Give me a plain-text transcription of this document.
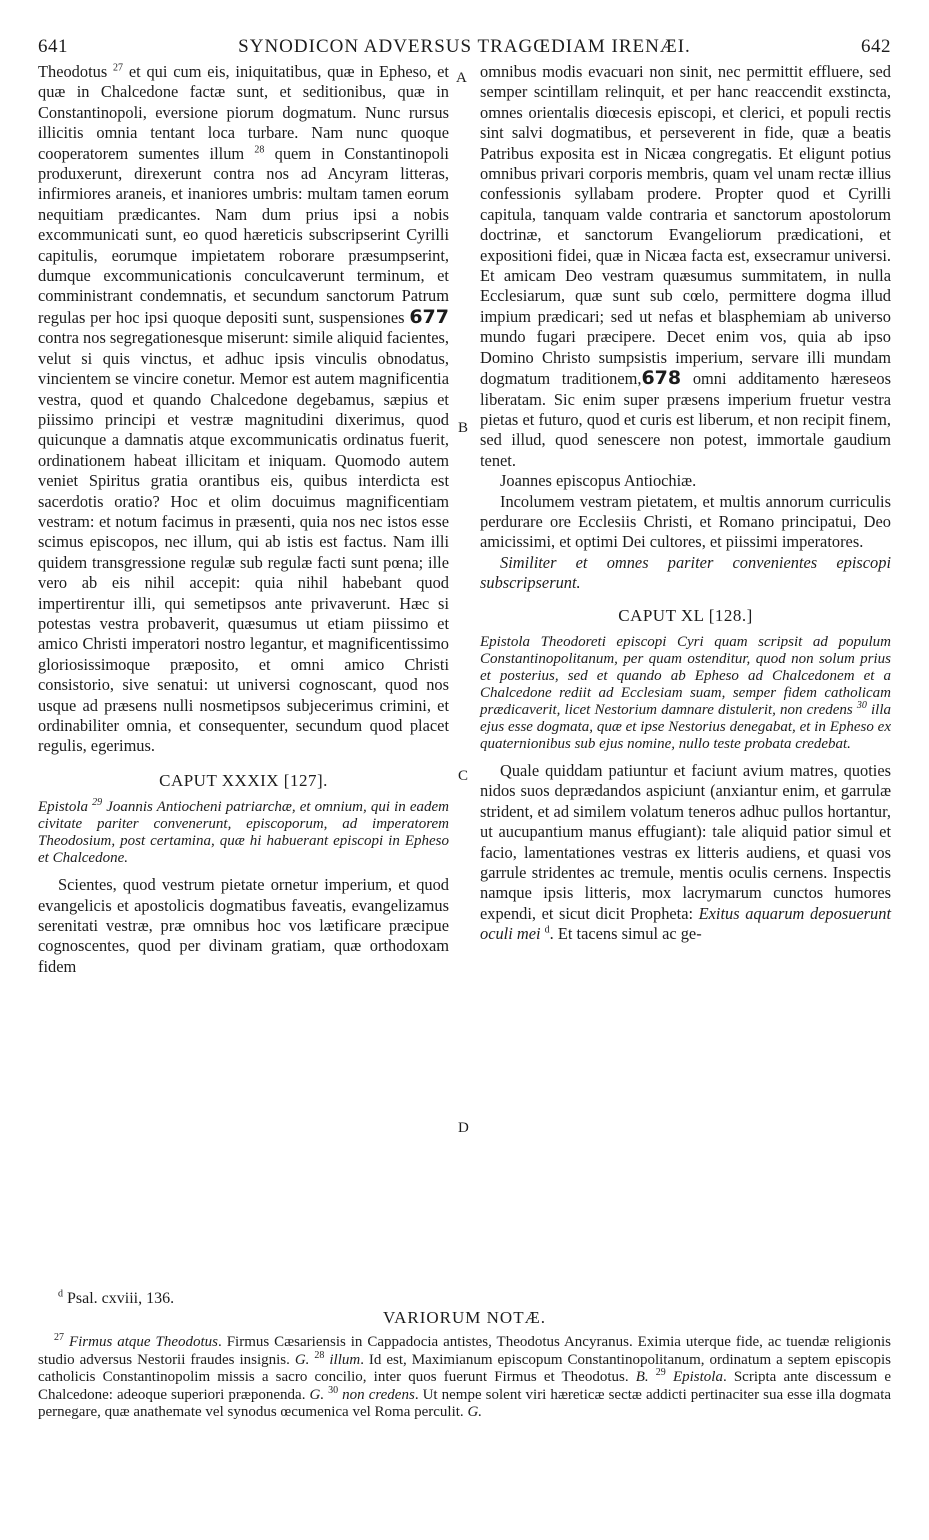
641	SYNODICON ADVERSUS TRAGŒDIAM IRENÆI.	642
A
B
C
D

Theodotus $^{27}$ et qui cum eis, iniquitatibus, quæ in Epheso, et quæ in Chalcedone factæ sunt, et seditionibus, quæ in Constantinopoli, eversione piorum dogmatum. Nunc rursus illicitis omnia tentant loca turbare. Nam nunc quoque cooperatorem sumentes illum $^{28}$ quem in Constantinopoli produxerunt, direxerunt contra nos ad Ancyram litteras, infirmiores araneis, et inaniores umbris: multam tamen eorum nequitiam prædicantes. Nam dum prius ipsi a nobis excommunicati sunt, eo quod hæreticis subscripserint Cyrilli capitulis, eorumque impietatem roborare præsumpserint, dumque excommunicationis conculcaverunt terminum, et comministrant condemnatis, et secundum sanctorum Patrum regulas per hoc ipsi quoque depositi sunt, suspensiones 677 contra nos segregationesque miserunt: simile aliquid facientes, velut si quis vinctus, et adhuc ipsis vinculis obnodatus, vincientem se vincire conetur. Memor est autem magnificentia vestra, quod et quando Chalcedone degebamus, sæpius et piissimo principi et vestræ magnitudini dixerimus, quod quicunque a damnatis atque excommunicatis ordinatus fuerit, ordinationem habeat illicitam et iniquam. Quomodo autem veniet Spiritus gratia orantibus eis, quibus interdicta est sacerdotis oratio? Hoc et olim docuimus magnificentiam vestram: et notum facimus in præsenti, quia nos nec istos esse scimus episcopos, nec illum, qui ab istis est factus. Nam illi quidem transgressione regulæ sub regulæ facti sunt pœna; ille vero ab eis nihil accepit: quia nihil habebant quod impertirentur illi, qui semetipsos ante privaverunt. Hæc si potestas vestra probaverit, quæsumus ut etiam piissimo et amico Christi imperatori nostro legantur, et magnificentissimo gloriosissimoque præposito, et omni amico Christi consistorio, sive senatui: ut universi cognoscant, quod nos usque ad præsens nulli nosmetipsos subjecerimus crimini, et ordinabiliter omnia, et consequenter, secundum quod placet regulis, egerimus.

CAPUT XXXIX [127].

Epistola $^{29}$ Joannis Antiocheni patriarchæ, et omnium, qui in eadem civitate pariter convenerunt, episcoporum, ad imperatorem Theodosium, post certamina, quæ hi habuerant episcopi in Epheso et Chalcedone.

Scientes, quod vestrum pietate ornetur imperium, et quod evangelicis et apostolicis dogmatibus faveatis, evangelizamus serenitati vestræ, præ omnibus hoc vos lætificare præcipue cognoscentes, quod per divinam gratiam, quæ orthodoxam fidem

omnibus modis evacuari non sinit, nec permittit effluere, sed semper scintillam relinquit, et per hanc reaccendit exstincta, omnes orientalis diœcesis episcopi, et clerici, et populi rectis sint salvi dogmatibus, et perseverent in fide, quæ a beatis Patribus exposita est in Nicæa congregatis. Et eligunt potius omnibus privari corporis membris, quam vel unam rectæ illius confessionis syllabam prodere. Propter quod et Cyrilli capitula, tanquam valde contraria et sanctorum apostolorum doctrinæ, et sanctorum Evangeliorum prædicationi, et expositioni fidei, quæ in Nicæa facta est, exsecramur universi. Et amicam Deo vestram quæsumus summitatem, in nulla Ecclesiarum, quæ sunt sub cœlo, permittere dogma illud impium prædicari; sed ut nefas et blasphemiam ab universo mundo fugari præcipere. Decet enim vos, quia ab ipso Domino Christo sumpsistis imperium, servare illi mundam dogmatum traditionem,678 omni additamento hæreseos liberatam. Sic enim super præsens imperium fruetur vestra pietas et futuro, quod et curis est liberum, et non recipit finem, sed illud, quod senescere non potest, immortale gaudium tenet.

Joannes episcopus Antiochiæ.

Incolumem vestram pietatem, et multis annorum curriculis perdurare ore Ecclesiis Christi, et Romano principatui, Deo amicissimi, et optimi Dei cultores, et piissimi imperatores.

Similiter et omnes pariter convenientes episcopi subscripserunt.

CAPUT XL [128.]

Epistola Theodoreti episcopi Cyri quam scripsit ad populum Constantinopolitanum, per quam ostenditur, quod non solum prius et posterius, sed et quando ab Epheso ad Chalcedonem et a Chalcedone rediit ad Ecclesiam suam, semper fidem catholicam prædicaverit, licet Nestorium damnare distulerit, non credens $^{30}$ illa ejus esse dogmata, quæ et ipse Nestorius denegabat, et in Epheso ex quaternionibus sub ejus nomine, nullo teste probata credebat.

Quale quiddam patiuntur et faciunt avium matres, quoties nidos suos deprædandos aspiciunt (anxiantur enim, et garrulæ strident, et ad similem volatum teneros adhuc pullos hortantur, ut aucupantium manus effugiant): tale aliquid patior simul et facio, lamentationes vestras ex litteris audiens, et quasi vos garrule stridentes ac tremule, mentis oculis cernens. Inspectis namque ipsis litteris, mox lacrymarum cunctos humores expendi, et sicut dicit Propheta: Exitus aquarum deposuerunt oculi mei $^d$. Et tacens simul ac ge-

$^d$ Psal. cxviii, 136.
VARIORUM NOTÆ.

$^{27}$ Firmus atque Theodotus. Firmus Cæsariensis in Cappadocia antistes, Theodotus Ancyranus. Eximia uterque fide, ac tuendæ religionis studio adversus Nestorii fraudes insignis. G. $^{28}$ illum. Id est, Maximianum episcopum Constantinopolitanum, ordinatum a septem episcopis catholicis Constantinopolim missis a sacro concilio, inter quos fuerunt Firmus et Theodotus. B. $^{29}$ Epistola. Scripta ante discessum e Chalcedone: adeoque superiori præponenda. G. $^{30}$ non credens. Ut nempe solent viri hæreticæ sectæ addicti pertinaciter sua esse illa dogmata pernegare, quæ anathemate vel synodus œcumenica vel Roma perculit. G.
